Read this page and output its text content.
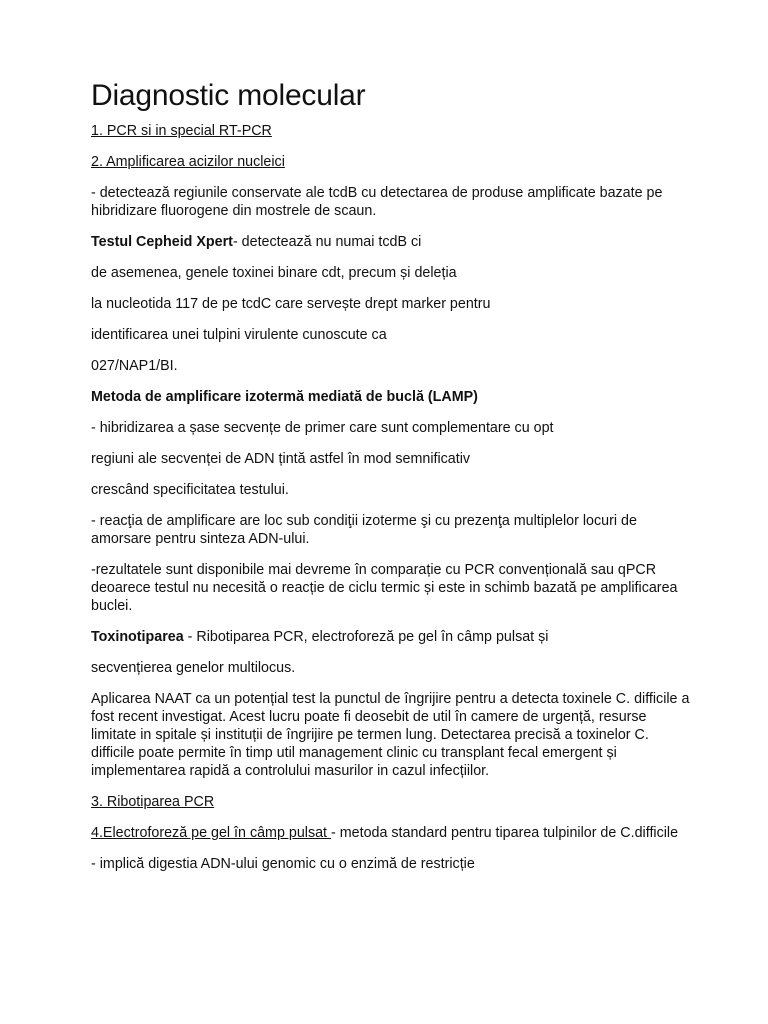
Diagnostic molecular

1. PCR si in special RT-PCR

2. Amplificarea acizilor nucleici

- detectează regiunile conservate ale tcdB cu detectarea de produse amplificate bazate pe hibridizare fluorogene din mostrele de scaun.

Testul Cepheid Xpert- detectează nu numai tcdB ci

de asemenea, genele toxinei binare cdt, precum și deleția

la nucleotida 117 de pe tcdC care servește drept marker pentru

identificarea unei tulpini virulente cunoscute ca

027/NAP1/BI.

Metoda de amplificare izotermă mediată de buclă (LAMP)

- hibridizarea a șase secvențe de primer care sunt complementare cu opt

regiuni ale secvenței de ADN țintă astfel în mod semnificativ

crescând specificitatea testului.

- reacţia de amplificare are loc sub condiţii izoterme şi cu prezenţa multiplelor locuri de amorsare pentru sinteza ADN-ului.

-rezultatele sunt disponibile mai devreme în comparație cu PCR convențională sau qPCR deoarece testul nu necesită o reacție de ciclu termic și este in schimb bazată pe amplificarea buclei.

Toxinotiparea - Ribotiparea PCR, electroforeză pe gel în câmp pulsat și

secvențierea genelor multilocus.

Aplicarea NAAT ca un potențial test la punctul de îngrijire pentru a detecta toxinele C. difficile a fost recent investigat. Acest lucru poate fi deosebit de util în camere de urgență, resurse limitate in spitale și instituții de îngrijire pe termen lung. Detectarea precisă a toxinelor C. difficile poate permite în timp util management clinic cu transplant fecal emergent și implementarea rapidă a controlului masurilor in cazul infecțiilor.

3. Ribotiparea PCR

4.Electroforeză pe gel în câmp pulsat - metoda standard pentru tiparea tulpinilor de C.difficile

- implică digestia ADN-ului genomic cu o enzimă de restricție
